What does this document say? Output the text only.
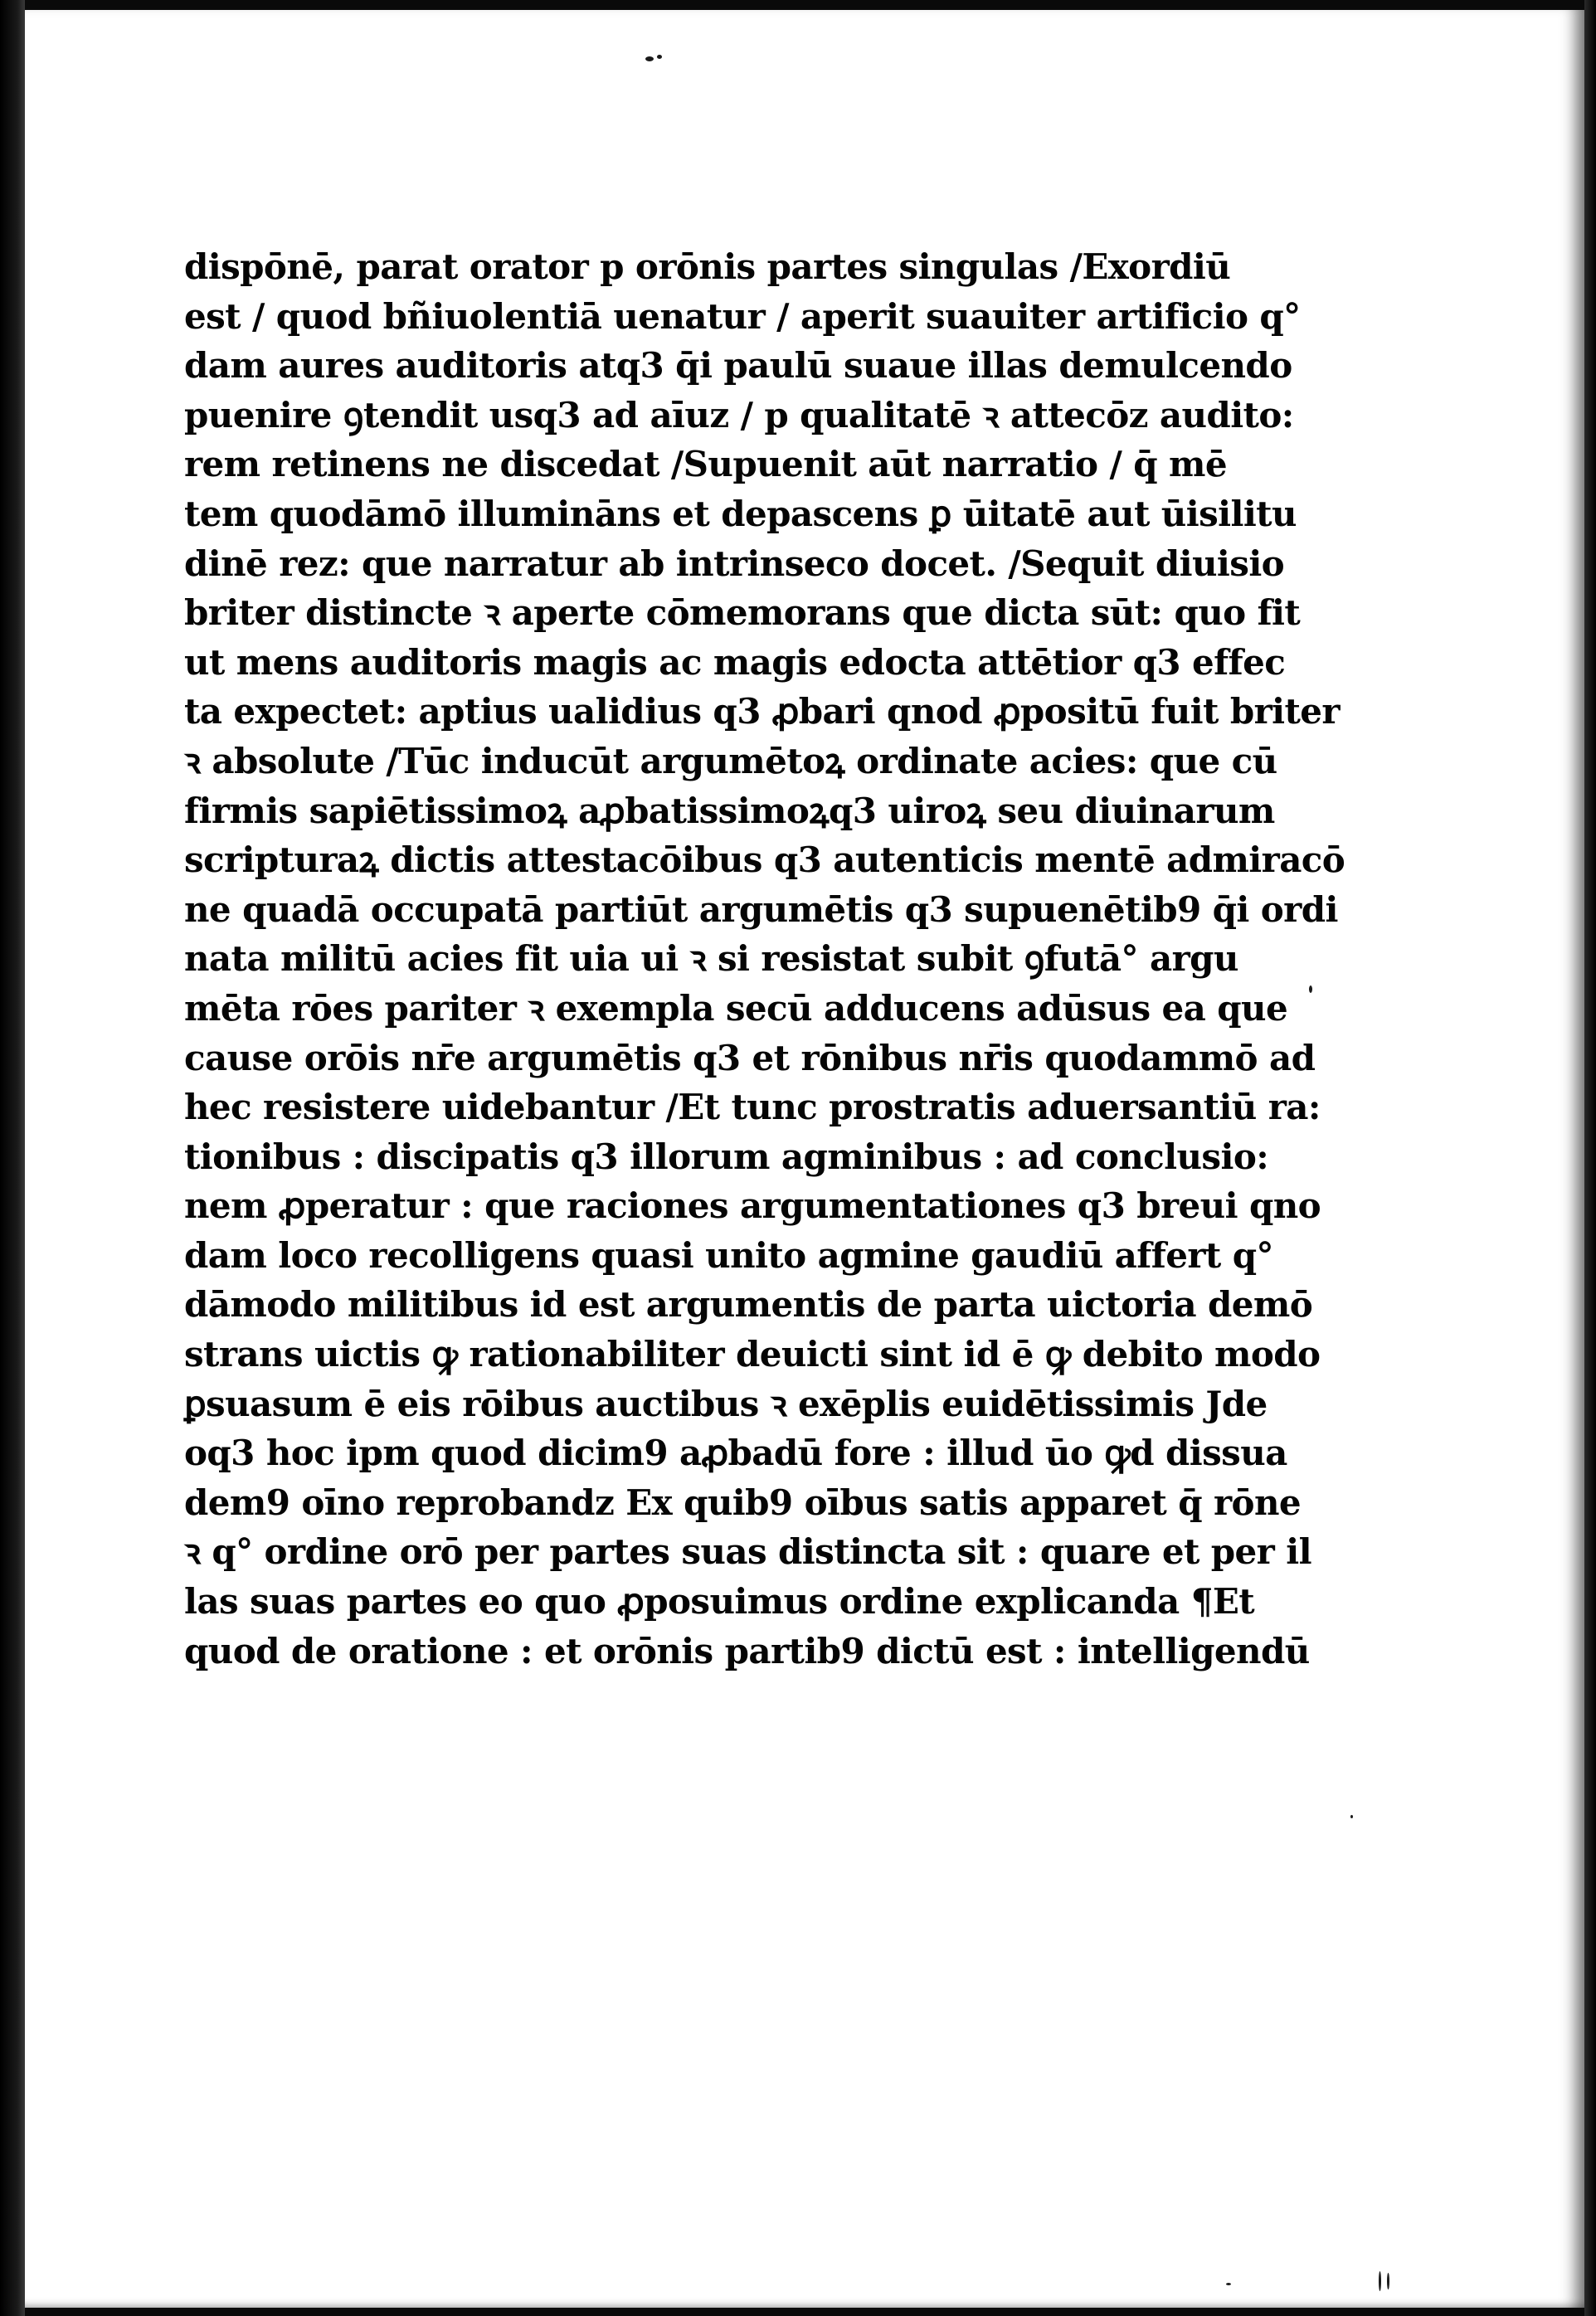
dispōnē, parat orator p orōnis partes singulas /Exordiū
est / quod bñiuolentiā uenatur / aperit suauiter artificio q°
dam aures auditoris atq3 q̄i paulū suaue illas demulcendo
puenire ꝯtendit usq3 ad aīuz / p qualitatē ꝛ attecōz audito:
rem retinens ne discedat /Supuenit aūt narratio / q̄ mē
tem quodāmō illumināns et depascens ꝑ ūitatē aut ūisilitu
dinē rez: que narratur ab intrinseco docet. /Sequit diuisio
briter distincte ꝛ aperte cōmemorans que dicta sūt: quo fit
ut mens auditoris magis ac magis edocta attētior q3 effec
ta expectet: aptius ualidius q3 ꝓbari qnod ꝓpositū fuit briter
ꝛ absolute /Tūc inducūt argumētoꝝ ordinate acies: que cū
firmis sapiētissimoꝝ aꝓbatissimoꝝq3 uiroꝝ seu diuinarum
scripturaꝝ dictis attestacōibus q3 autenticis mentē admiracō
ne quadā occupatā partiūt argumētis q3 supuenētib9 q̄i ordi
nata militū acies fit uia ui ꝛ si resistat subit ꝯfutā° argu
mēta rōes pariter ꝛ exempla secū adducens adūsus ea que
cause orōis nr̄e argumētis q3 et rōnibus nr̄is quodammō ad
hec resistere uidebantur /Et tunc prostratis aduersantiū ra:
tionibus : discipatis q3 illorum agminibus : ad conclusio:
nem ꝓperatur : que raciones argumentationes q3 breui qno
dam loco recolligens quasi unito agmine gaudiū affert q°
dāmodo militibus id est argumentis de parta uictoria demō
strans uictis ꝙ rationabiliter deuicti sint id ē ꝙ debito modo
ꝑsuasum ē eis rōibus auctibus ꝛ exēplis euidētissimis Jde
oq3 hoc ipm quod dicim9 aꝓbadū fore : illud ūo ꝙd dissua
dem9 oīno reprobandz Ex quib9 oībus satis apparet q̄ rōne
ꝛ q° ordine orō per partes suas distincta sit : quare et per il
las suas partes eo quo ꝓposuimus ordine explicanda ¶Et
quod de oratione : et orōnis partib9 dictū est : intelligendū
